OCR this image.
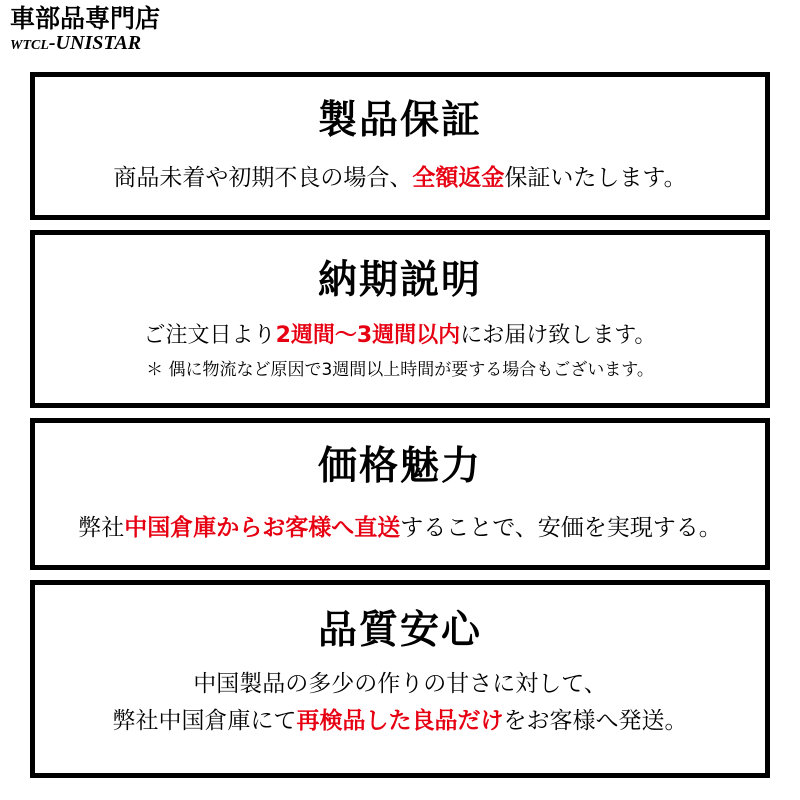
車部品専門店
WTCL-UNISTAR
製品保証
商品未着や初期不良の場合、全額返金保証いたします。
納期説明
ご注文日より2週間～3週間以内にお届け致します。
＊ 偶に物流など原因で3週間以上時間が要する場合もございます。
価格魅力
弊社中国倉庫からお客様へ直送することで、安価を実現する。
品質安心
中国製品の多少の作りの甘さに対して、
弊社中国倉庫にて再検品した良品だけをお客様へ発送。
